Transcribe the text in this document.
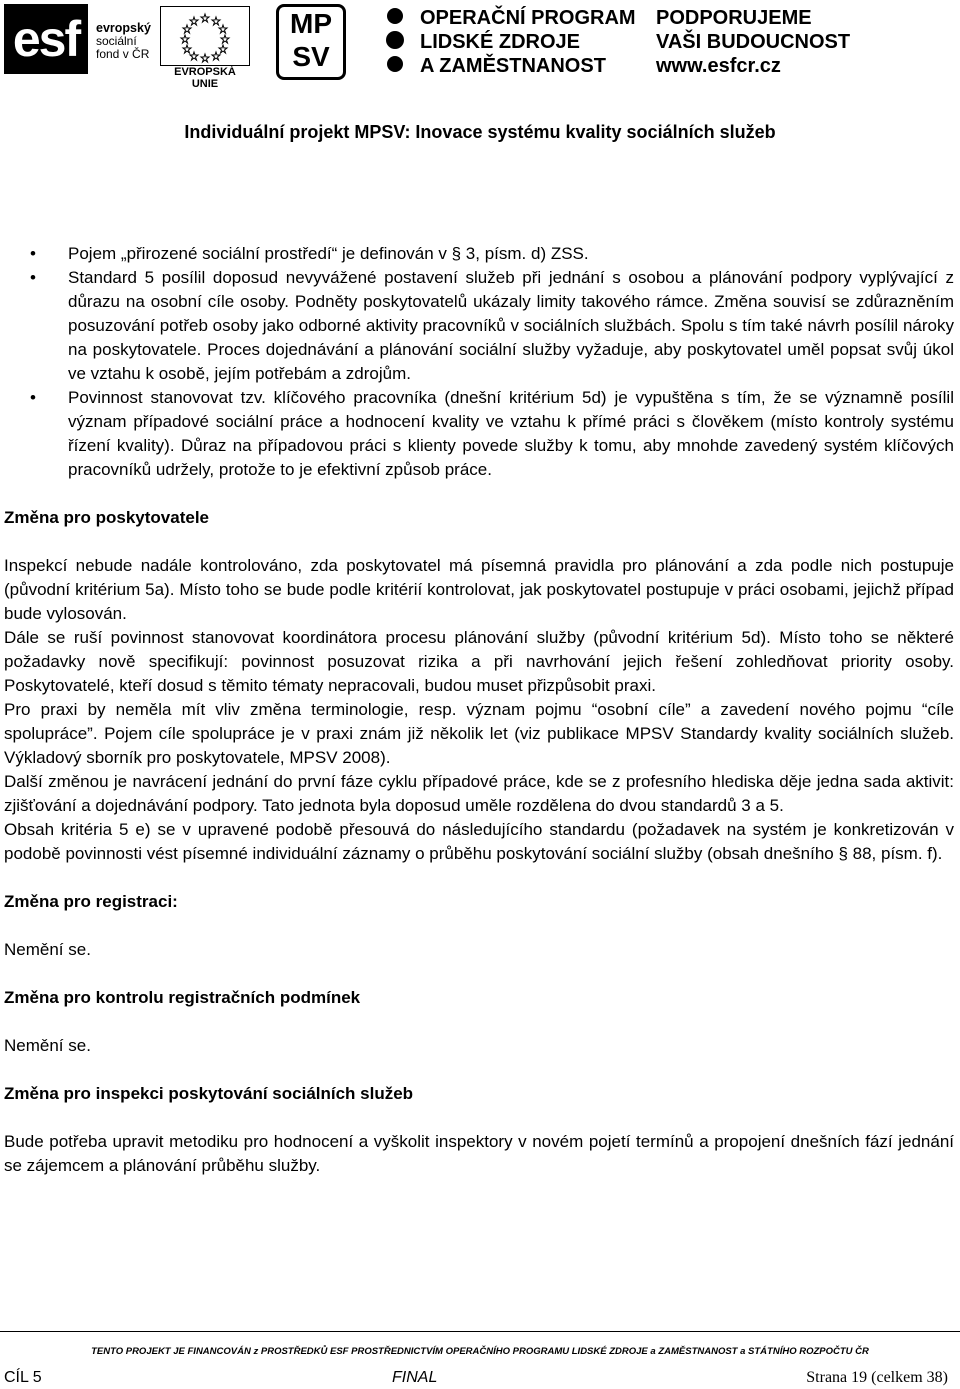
esf	evropský
sociální
fond v ČR
EVROPSKÁ UNIE
MP
SV
OPERAČNÍ PROGRAM
LIDSKÉ ZDROJE
A ZAMĚSTNANOST
PODPORUJEME
VAŠI BUDOUCNOST
www.esfcr.cz
Individuální projekt MPSV: Inovace systému kvality sociálních služeb
• Pojem „přirozené sociální prostředí“ je definován v § 3, písm. d) ZSS.
• Standard 5 posílil doposud nevyvážené postavení služeb při jednání s osobou a plánování podpory vyplývající z důrazu na osobní cíle osoby. Podněty poskytovatelů ukázaly limity takového rámce. Změna souvisí se zdůrazněním posuzování potřeb osoby jako odborné aktivity pracovníků v sociálních službách. Spolu s tím také návrh posílil nároky na poskytovatele. Proces dojednávání a plánování sociální služby vyžaduje, aby poskytovatel uměl popsat svůj úkol ve vztahu k osobě, jejím potřebám a zdrojům.
• Povinnost stanovovat tzv. klíčového pracovníka (dnešní kritérium 5d) je vypuštěna s tím, že se významně posílil význam případové sociální práce a hodnocení kvality ve vztahu k přímé práci s člověkem (místo kontroly systému řízení kvality). Důraz na případovou práci s klienty povede služby k tomu, aby mnohde zavedený systém klíčových pracovníků udržely, protože to je efektivní způsob práce.

Změna pro poskytovatele

Inspekcí nebude nadále kontrolováno, zda poskytovatel má písemná pravidla pro plánování a zda podle nich postupuje (původní kritérium 5a). Místo toho se bude podle kritérií kontrolovat, jak poskytovatel postupuje v práci osobami, jejichž případ bude vylosován.

Dále se ruší povinnost stanovovat koordinátora procesu plánování služby (původní kritérium 5d). Místo toho se některé požadavky nově specifikují: povinnost posuzovat rizika a při navrhování jejich řešení zohledňovat priority osoby. Poskytovatelé, kteří dosud s těmito tématy nepracovali, budou muset přizpůsobit praxi.

Pro praxi by neměla mít vliv změna terminologie, resp. význam pojmu “osobní cíle” a zavedení nového pojmu “cíle spolupráce”. Pojem cíle spolupráce je v praxi znám již několik let (viz publikace MPSV Standardy kvality sociálních služeb. Výkladový sborník pro poskytovatele, MPSV 2008).

Další změnou je navrácení jednání do první fáze cyklu případové práce, kde se z profesního hlediska děje jedna sada aktivit: zjišťování a dojednávání podpory. Tato jednota byla doposud uměle rozdělena do dvou standardů 3 a 5.

Obsah kritéria 5 e) se v upravené podobě přesouvá do následujícího standardu (požadavek na systém je konkretizován v podobě povinnosti vést písemné individuální záznamy o průběhu poskytování sociální služby (obsah dnešního § 88, písm. f).

Změna pro registraci:

Nemění se.

Změna pro kontrolu registračních podmínek

Nemění se.

Změna pro inspekci poskytování sociálních služeb

Bude potřeba upravit metodiku pro hodnocení a vyškolit inspektory v novém pojetí termínů a propojení dnešních fází jednání se zájemcem a plánování průběhu služby.

TENTO PROJEKT JE FINANCOVÁN z PROSTŘEDKŮ ESF PROSTŘEDNICTVÍM OPERAČNÍHO PROGRAMU LIDSKÉ ZDROJE a ZAMĚSTNANOST a STÁTNÍHO ROZPOČTU ČR
CÍL 5	FINAL	Strana 19 (celkem 38)
